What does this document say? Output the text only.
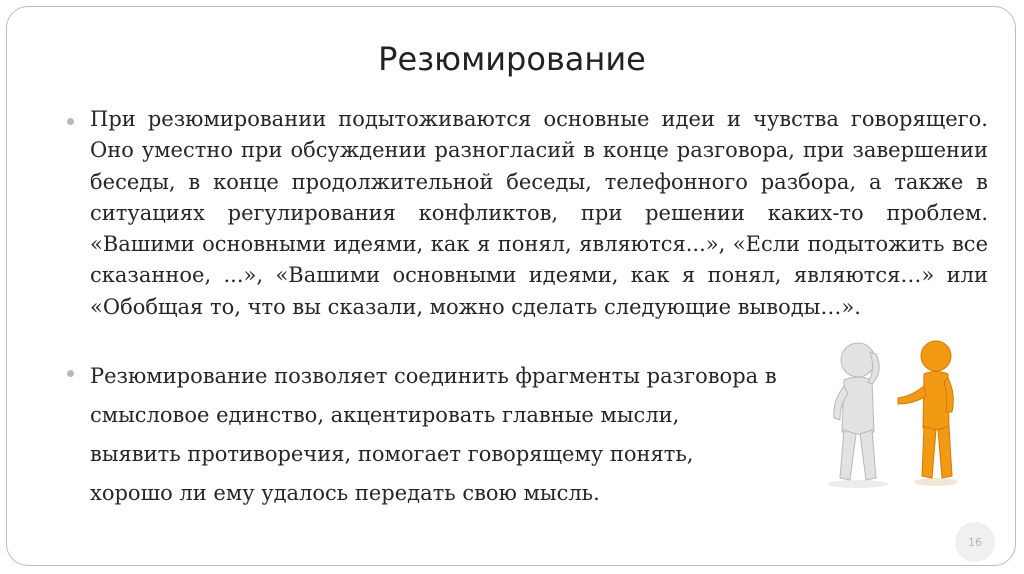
Резюмирование

При резюмировании подытоживаются основные идеи и чувства говорящего. Оно уместно при обсуждении разногласий в конце разговора, при завершении беседы, в конце продолжительной беседы, телефонного разбора, а также в ситуациях регулирования конфликтов, при решении каких-то проблем. «Вашими основными идеями, как я понял, являются...», «Если подытожить все сказанное, ...», «Вашими основными идеями, как я понял, являются…» или «Обобщая то, что вы сказали, можно сделать следующие выводы…».

Резюмирование позволяет соединить фрагменты разговора в
смысловое единство, акцентировать главные мысли,
выявить противоречия, помогает говорящему понять,
хорошо ли ему удалось передать свою мысль.
16
